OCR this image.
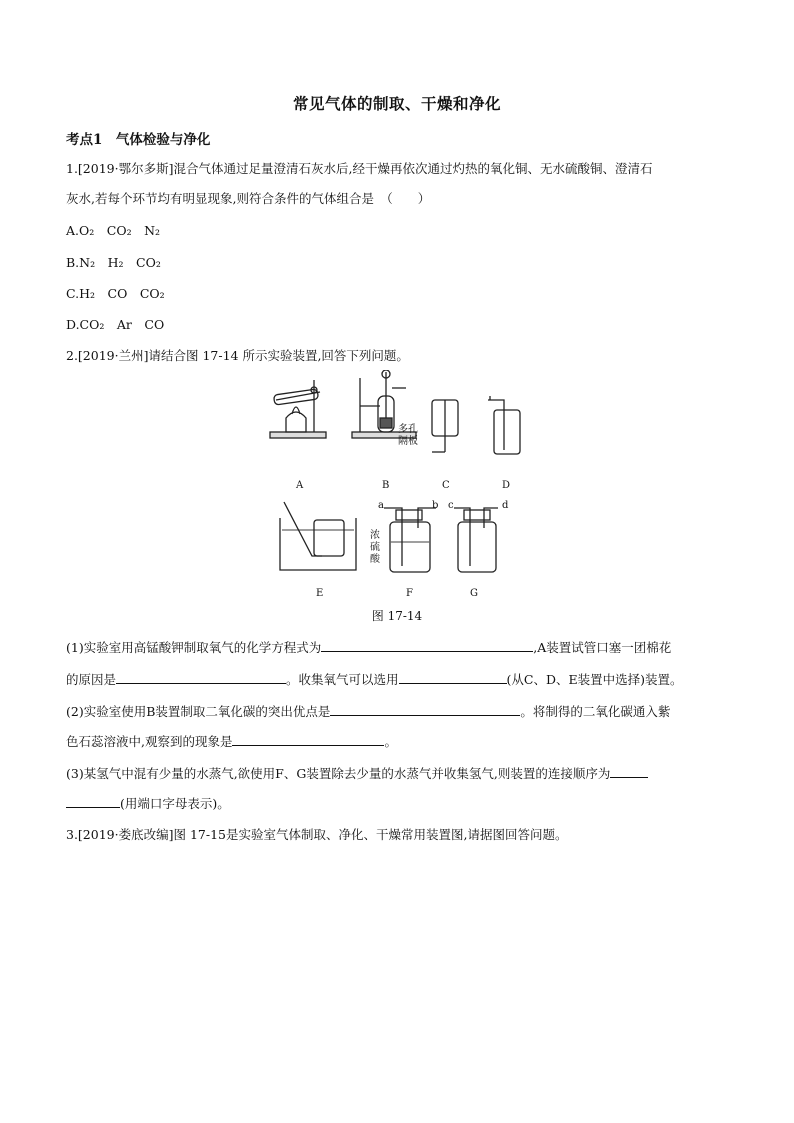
常见气体的制取、干燥和净化
考点1　气体检验与净化
1.[2019·鄂尔多斯]混合气体通过足量澄清石灰水后,经干燥再依次通过灼热的氧化铜、无水硫酸铜、澄清石
灰水,若每个环节均有明显现象,则符合条件的气体组合是　（　　）
A.O₂　CO₂　N₂
B.N₂　H₂　CO₂
C.H₂　CO　CO₂
D.CO₂　Ar　CO
2.[2019·兰州]请结合图 17-14 所示实验装置,回答下列问题。
A	B	C	D
E	F	G
多孔
隔板
浓
硫
酸
a	b c	d
图 17-14
(1)实验室用高锰酸钾制取氧气的化学方程式为	,A装置试管口塞一团棉花
的原因是	。收集氧气可以选用	(从C、D、E装置中选择)装置。
(2)实验室使用B装置制取二氧化碳的突出优点是	。将制得的二氧化碳通入紫
色石蕊溶液中,观察到的现象是	。
(3)某氢气中混有少量的水蒸气,欲使用F、G装置除去少量的水蒸气并收集氢气,则装置的连接顺序为
(用端口字母表示)。
3.[2019·娄底改编]图 17-15是实验室气体制取、净化、干燥常用装置图,请据图回答问题。
